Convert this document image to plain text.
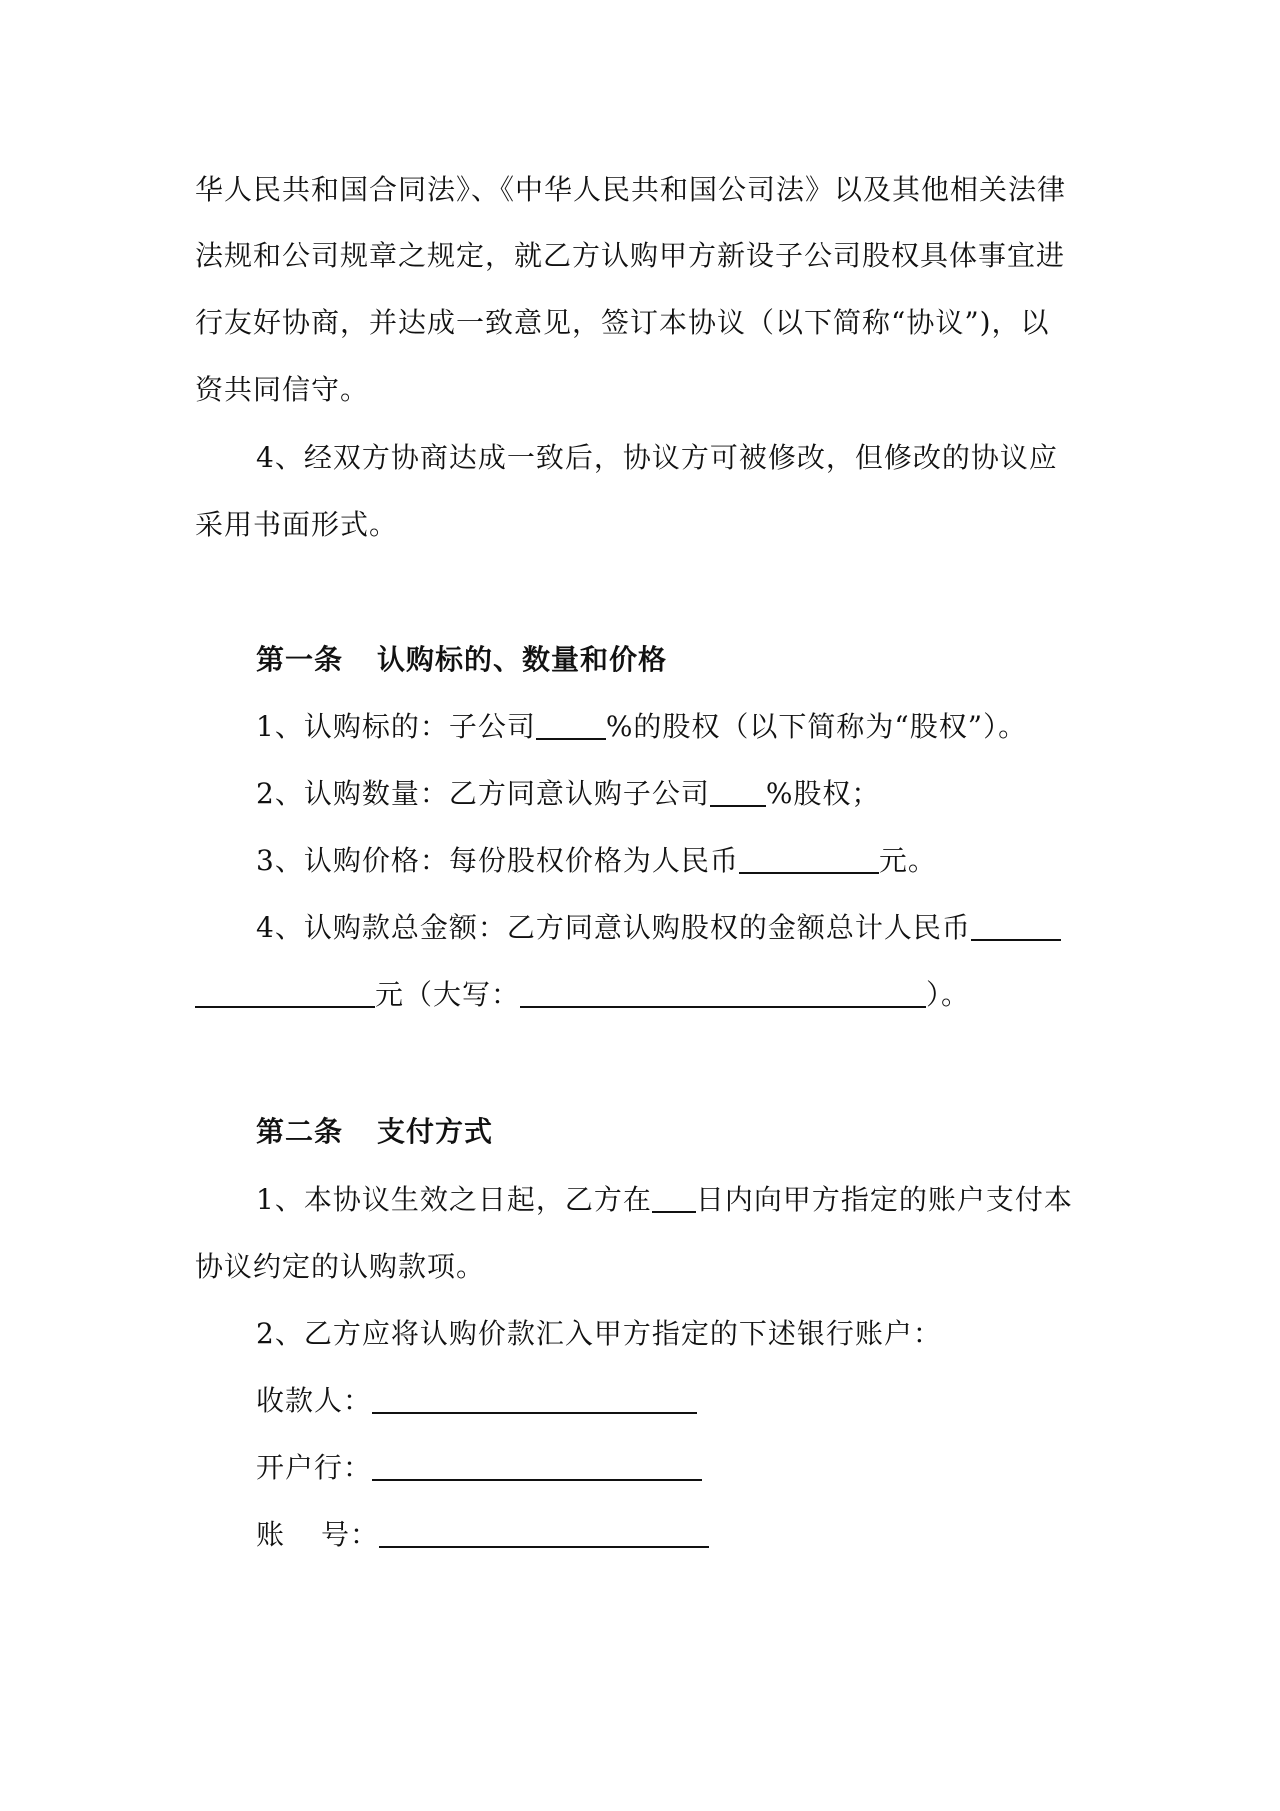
华人民共和国合同法》、《中华人民共和国公司法》以及其他相关法律
法规和公司规章之规定，就乙方认购甲方新设子公司股权具体事宜进
行友好协商，并达成一致意见，签订本协议（以下简称“协议”)，以
资共同信守。
4、经双方协商达成一致后，协议方可被修改，但修改的协议应
采用书面形式。
第一条 认购标的、数量和价格
1、认购标的：子公司	%的股权（以下简称为“股权”）。
2、认购数量：乙方同意认购子公司 %股权；
3、认购价格：每份股权价格为人民币	元。
4、认购款总金额：乙方同意认购股权的金额总计人民币
元（大写：	）。
第二条 支付方式
1、本协议生效之日起，乙方在 日内向甲方指定的账户支付本
协议约定的认购款项。
2、乙方应将认购价款汇入甲方指定的下述银行账户：
收款人：
开户行：
账 号：
